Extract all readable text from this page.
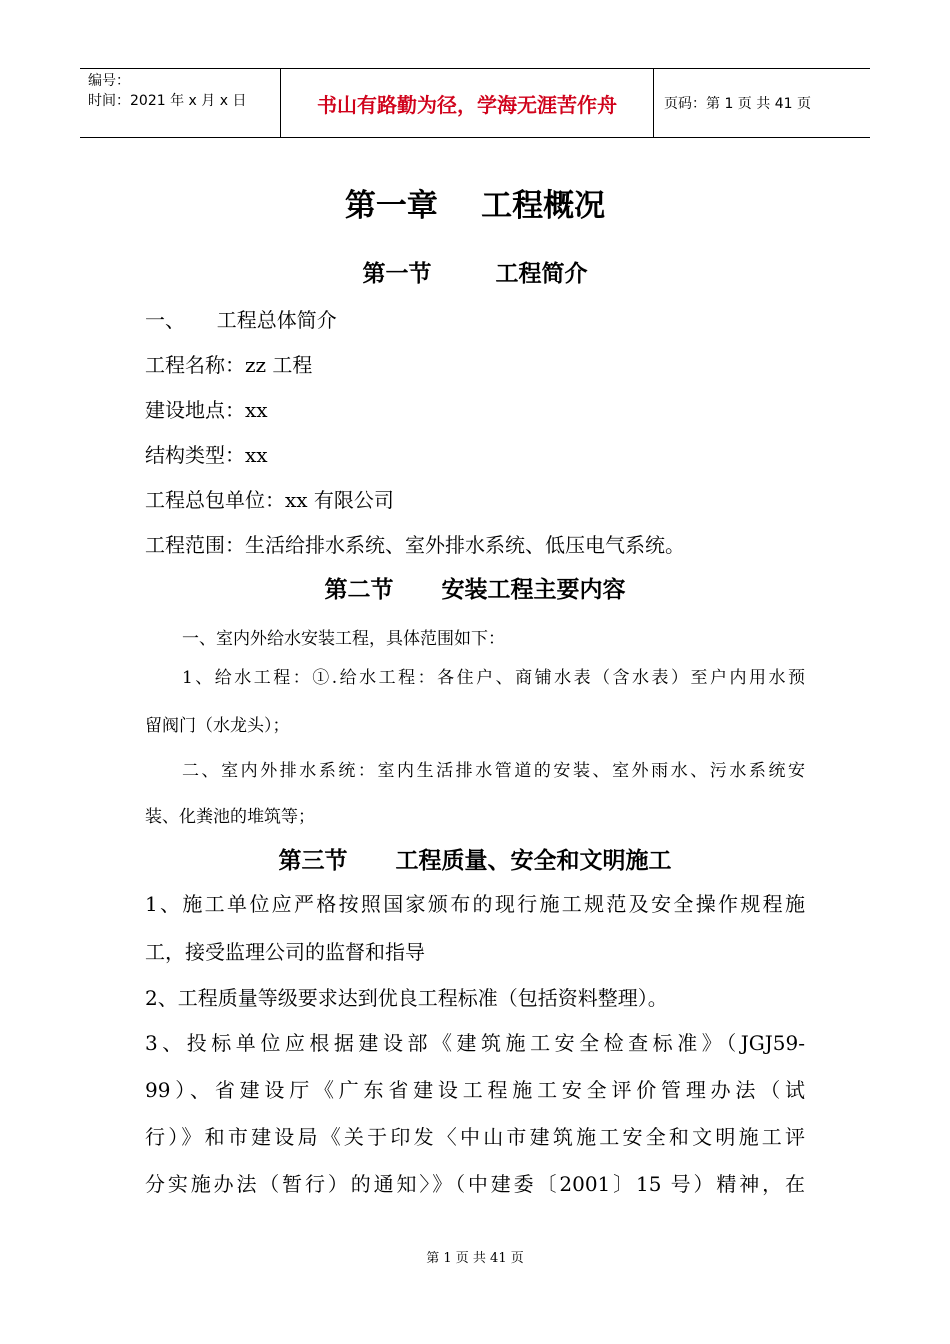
编号：
时间：2021 年 x 月 x 日	书山有路勤为径，学海无涯苦作舟	页码：第 1 页 共 41 页
第一章    工程概况
第一节        工程简介
一、     工程总体简介
工程名称：zz 工程
建设地点：xx
结构类型：xx
工程总包单位：xx 有限公司
工程范围：生活给排水系统、室外排水系统、低压电气系统。
第二节      安装工程主要内容
一、室内外给水安装工程，具体范围如下：
1、给水工程：①.给水工程：各住户、商铺水表（含水表）至户内用水预
留阀门（水龙头）；
二、室内外排水系统：室内生活排水管道的安装、室外雨水、污水系统安
装、化粪池的堆筑等；
第三节      工程质量、安全和文明施工
1、施工单位应严格按照国家颁布的现行施工规范及安全操作规程施
工，接受监理公司的监督和指导
2、工程质量等级要求达到优良工程标准（包括资料整理）。
3、投标单位应根据建设部《建筑施工安全检查标准》（JGJ59-
99）、省建设厅《广东省建设工程施工安全评价管理办法（试
行）》和市建设局《关于印发〈中山市建筑施工安全和文明施工评
分实施办法（暂行）的通知〉》（中建委〔2001〕15 号）精神，在
第 1 页 共 41 页
